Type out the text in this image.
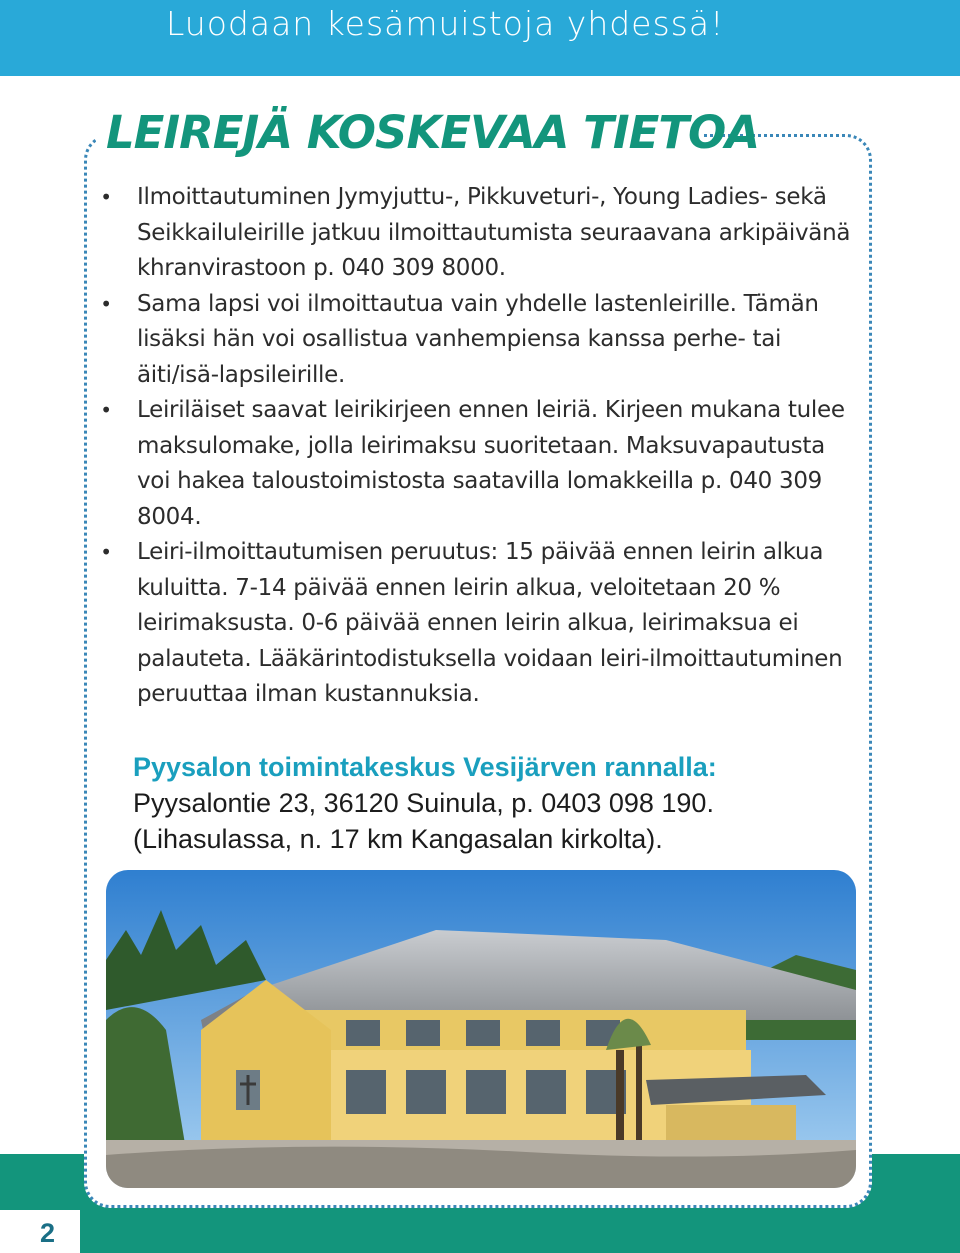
Luodaan kesämuistoja yhdessä!
2
LEIREJÄ KOSKEVAA TIETOA
• Ilmoittautuminen Jymyjuttu-, Pikkuveturi-, Young Ladies- sekä Seikkailuleirille jatkuu ilmoittautumista seuraavana arkipäivänä khranvirastoon p. 040 309 8000.
• Sama lapsi voi ilmoittautua vain yhdelle lastenleirille. Tämän lisäksi hän voi osallistua vanhempiensa kanssa perhe- tai äiti/isä-lapsileirille.
• Leiriläiset saavat leirikirjeen ennen leiriä. Kirjeen mukana tulee maksulomake, jolla leirimaksu suoritetaan. Maksuvapautusta voi hakea taloustoimistosta saatavilla lomakkeilla p. 040 309 8004.
• Leiri-ilmoittautumisen peruutus: 15 päivää ennen leirin alkua kuluitta. 7-14 päivää ennen leirin alkua, veloitetaan 20 % leirimaksusta. 0-6 päivää ennen leirin alkua, leirimaksua ei palauteta. Lääkärintodistuksella voidaan leiri-ilmoittautuminen peruuttaa ilman kustannuksia.
Pyysalon toimintakeskus Vesijärven rannalla:
Pyysalontie 23, 36120 Suinula, p. 0403 098 190.
(Lihasulassa, n. 17 km Kangasalan kirkolta).
